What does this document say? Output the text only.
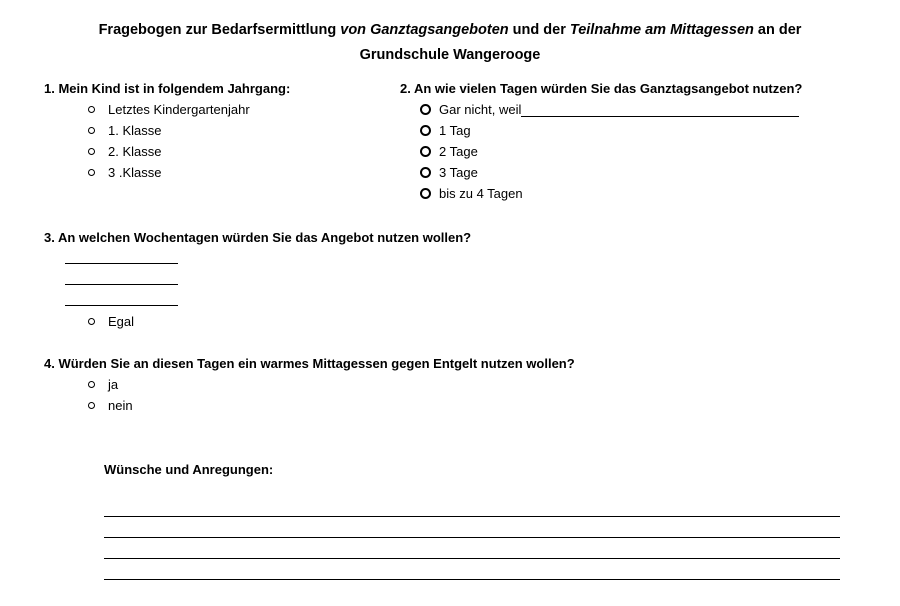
Fragebogen zur Bedarfsermittlung von Ganztagsangeboten und der Teilnahme am Mittagessen an der
Grundschule Wangerooge
1. Mein Kind ist in folgendem Jahrgang:
Letztes Kindergartenjahr
1. Klasse
2. Klasse
3 .Klasse
2. An wie vielen Tagen würden Sie das Ganztagsangebot nutzen?
Gar nicht, weil
1 Tag
2 Tage
3 Tage
bis zu 4 Tagen
3. An welchen Wochentagen würden Sie das Angebot nutzen wollen?
Egal
4. Würden Sie an diesen Tagen ein warmes Mittagessen gegen Entgelt nutzen wollen?
ja
nein
Wünsche und Anregungen:
